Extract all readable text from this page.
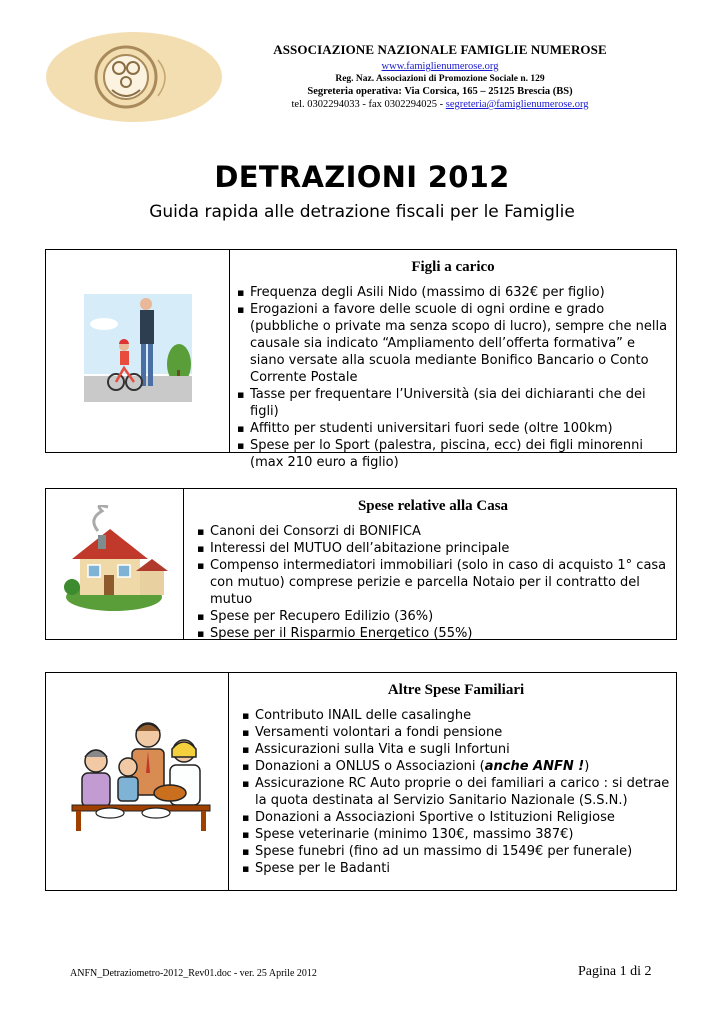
ASSOCIAZIONE NAZIONALE FAMIGLIE NUMEROSE
www.famiglienumerose.org
Reg. Naz. Associazioni di Promozione Sociale n. 129
Segreteria operativa: Via Corsica, 165 – 25125 Brescia (BS)
tel. 0302294033 - fax 0302294025 - segreteria@famiglienumerose.org
DETRAZIONI 2012
Guida rapida alle detrazione fiscali per le Famiglie
Figli a carico
▪ Frequenza degli Asili Nido (massimo di 632€ per figlio)
▪ Erogazioni a favore delle scuole di ogni ordine e grado (pubbliche o private ma senza scopo di lucro), sempre che nella causale sia indicato “Ampliamento dell’offerta formativa” e siano versate alla scuola mediante Bonifico Bancario o Conto Corrente Postale
▪ Tasse per frequentare l’Università (sia dei dichiaranti che dei figli)
▪ Affitto per studenti universitari fuori sede (oltre 100km)
▪ Spese per lo Sport (palestra, piscina, ecc) dei figli minorenni (max 210 euro a figlio)
Spese relative alla Casa
▪ Canoni dei Consorzi di BONIFICA
▪ Interessi del MUTUO dell’abitazione principale
▪ Compenso intermediatori immobiliari (solo in caso di acquisto 1° casa con mutuo) comprese perizie e parcella Notaio per il contratto del mutuo
▪ Spese per Recupero Edilizio (36%)
▪ Spese per il Risparmio Energetico (55%)
Altre Spese Familiari
▪ Contributo INAIL delle casalinghe
▪ Versamenti volontari a fondi pensione
▪ Assicurazioni sulla Vita e sugli Infortuni
▪ Donazioni a ONLUS o Associazioni (anche ANFN !)
▪ Assicurazione RC Auto proprie o dei familiari a carico : si detrae la quota destinata al Servizio Sanitario Nazionale (S.S.N.)
▪ Donazioni a Associazioni Sportive o Istituzioni Religiose
▪ Spese veterinarie (minimo 130€, massimo 387€)
▪ Spese funebri (fino ad un massimo di 1549€ per funerale)
▪ Spese per le Badanti
ANFN_Detraziometro-2012_Rev01.doc - ver. 25 Aprile 2012	Pagina 1 di 2
